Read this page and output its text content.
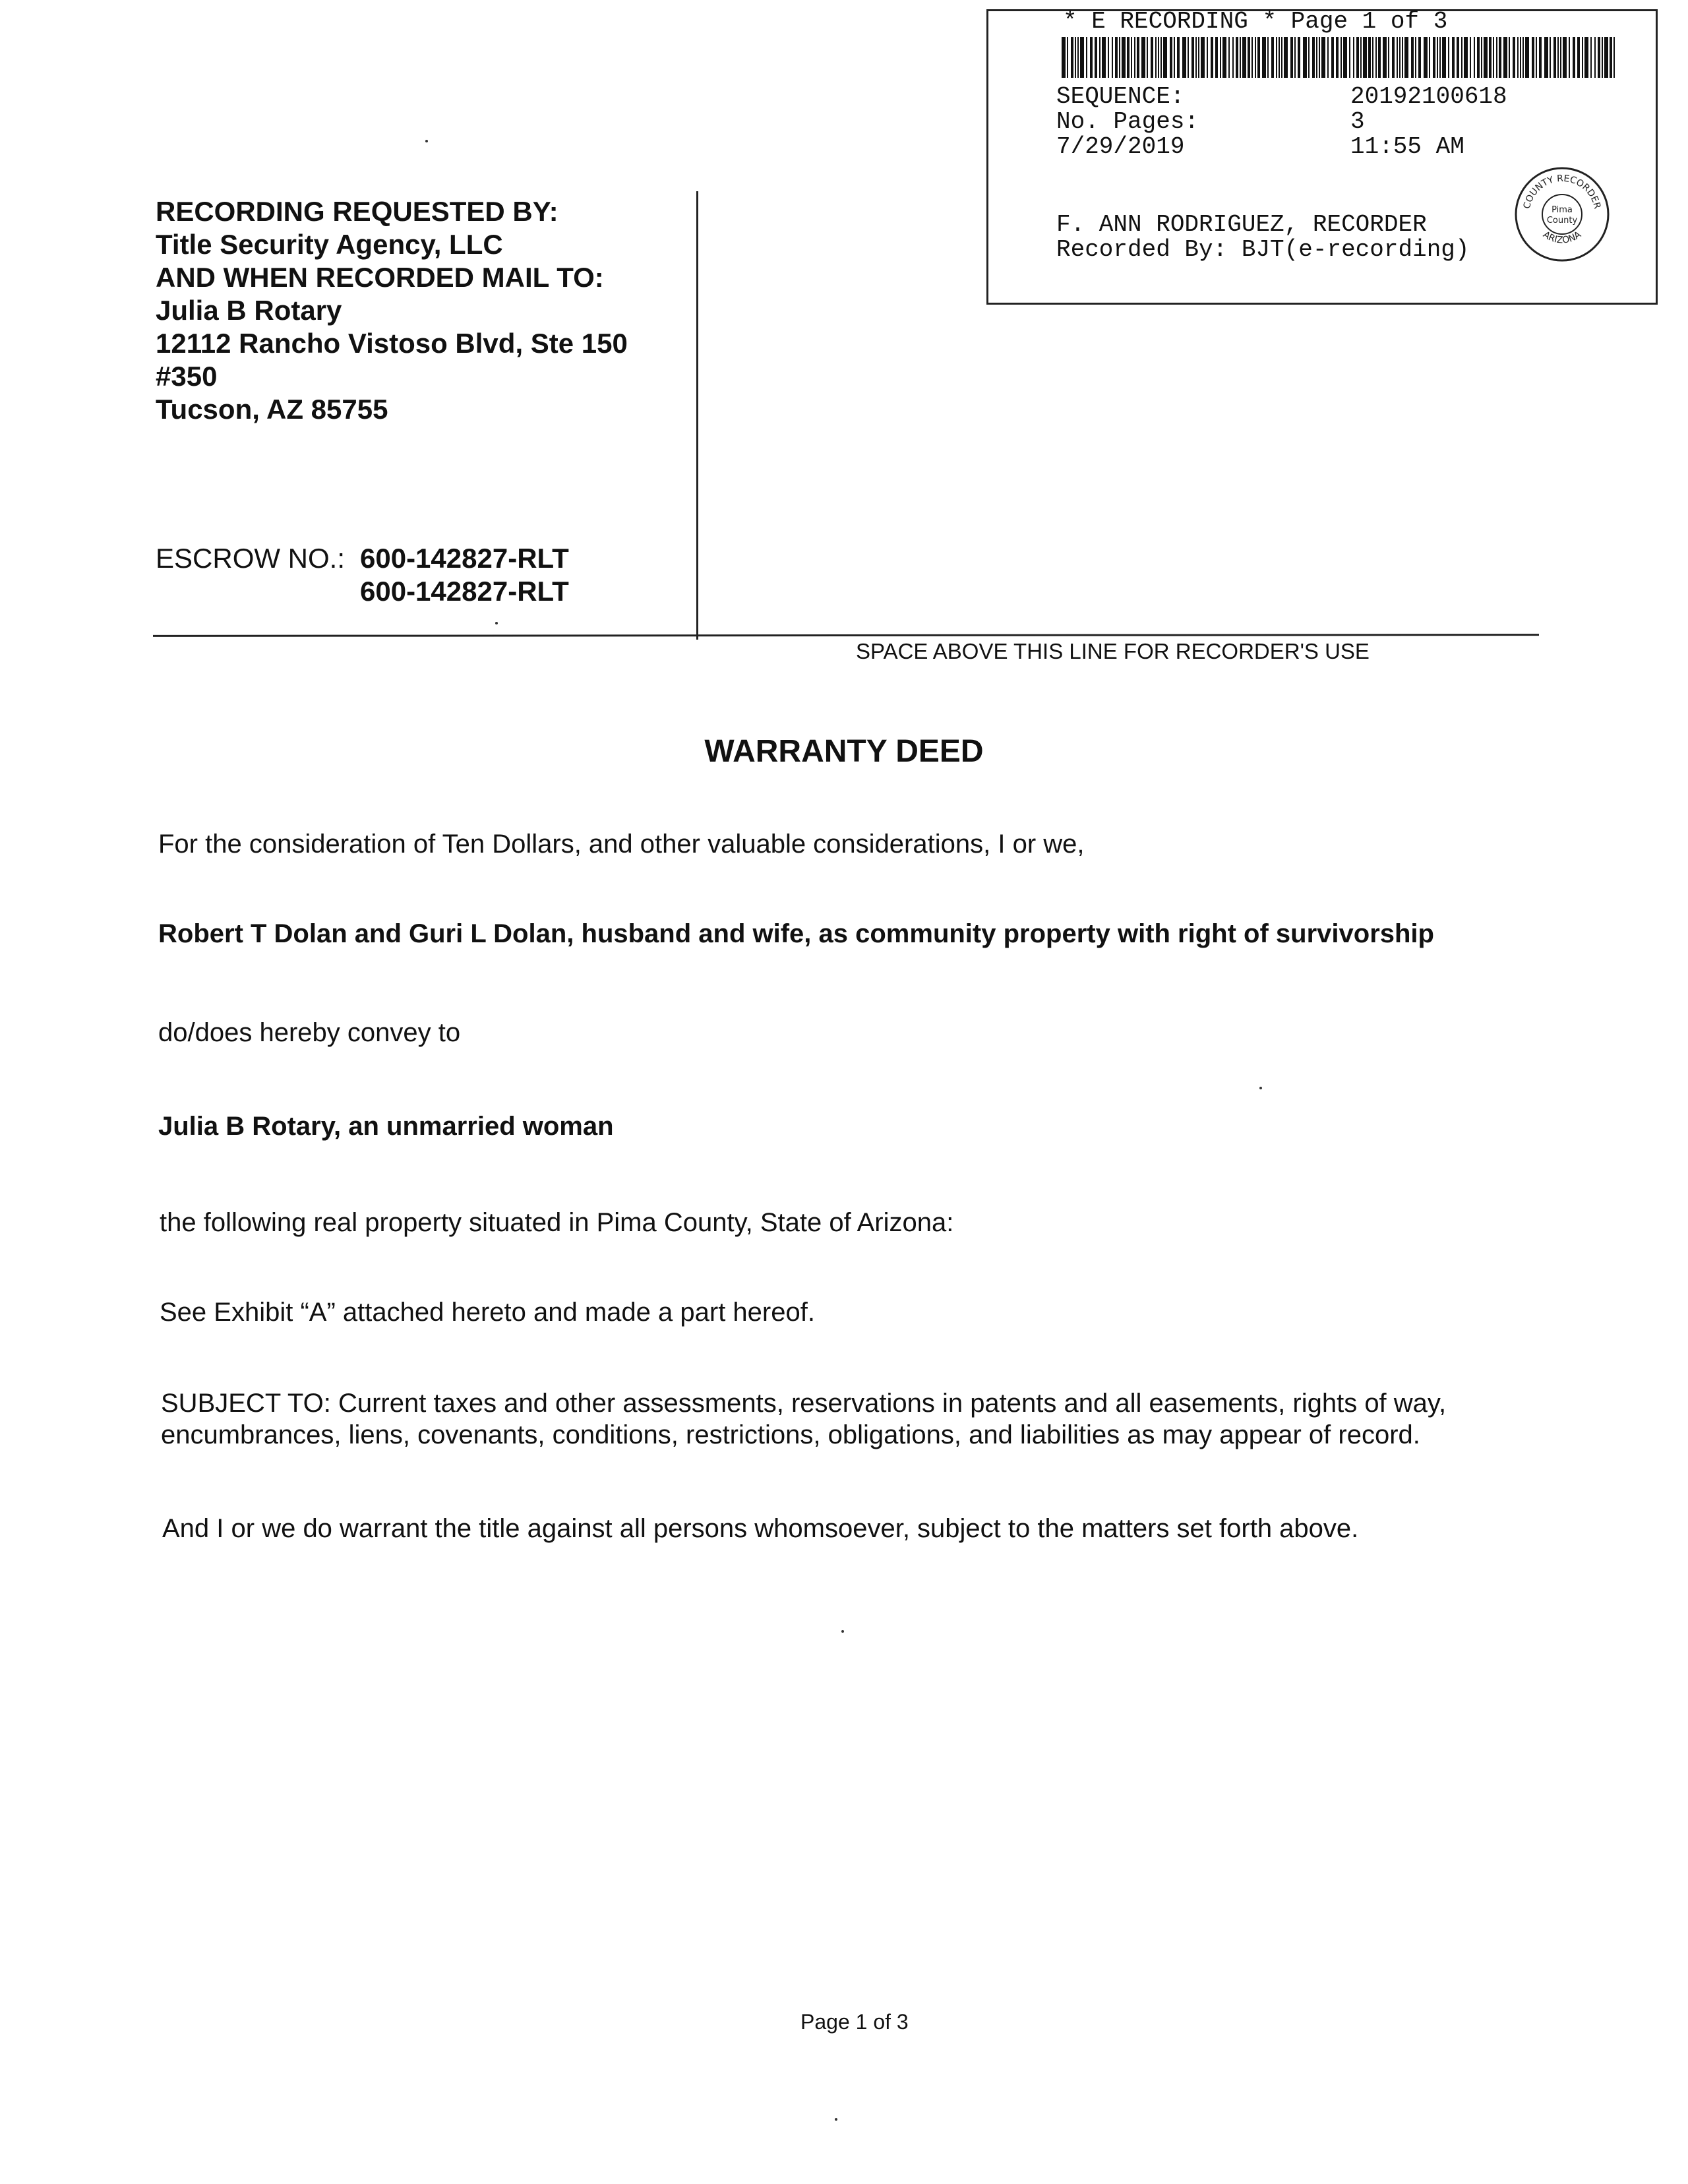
* E RECORDING * Page 1 of 3
SEQUENCE:	20192100618
No. Pages:	3
7/29/2019	11:55 AM
F. ANN RODRIGUEZ, RECORDER
Recorded By: BJT(e-recording)
COUNTY RECORDER
ARIZONA
Pima
County
RECORDING REQUESTED BY:
Title Security Agency, LLC
AND WHEN RECORDED MAIL TO:
Julia B Rotary
12112 Rancho Vistoso Blvd, Ste 150
#350
Tucson, AZ 85755
ESCROW NO.: 600-142827-RLT
600-142827-RLT
SPACE ABOVE THIS LINE FOR RECORDER'S USE
WARRANTY DEED
For the consideration of Ten Dollars, and other valuable considerations, I or we,
Robert T Dolan and Guri L Dolan, husband and wife, as community property with right of survivorship
do/does hereby convey to
Julia B Rotary, an unmarried woman
the following real property situated in Pima County, State of Arizona:
See Exhibit “A” attached hereto and made a part hereof.
SUBJECT TO: Current taxes and other assessments, reservations in patents and all easements, rights of way,
encumbrances, liens, covenants, conditions, restrictions, obligations, and liabilities as may appear of record.
And I or we do warrant the title against all persons whomsoever, subject to the matters set forth above.
Page 1 of 3
